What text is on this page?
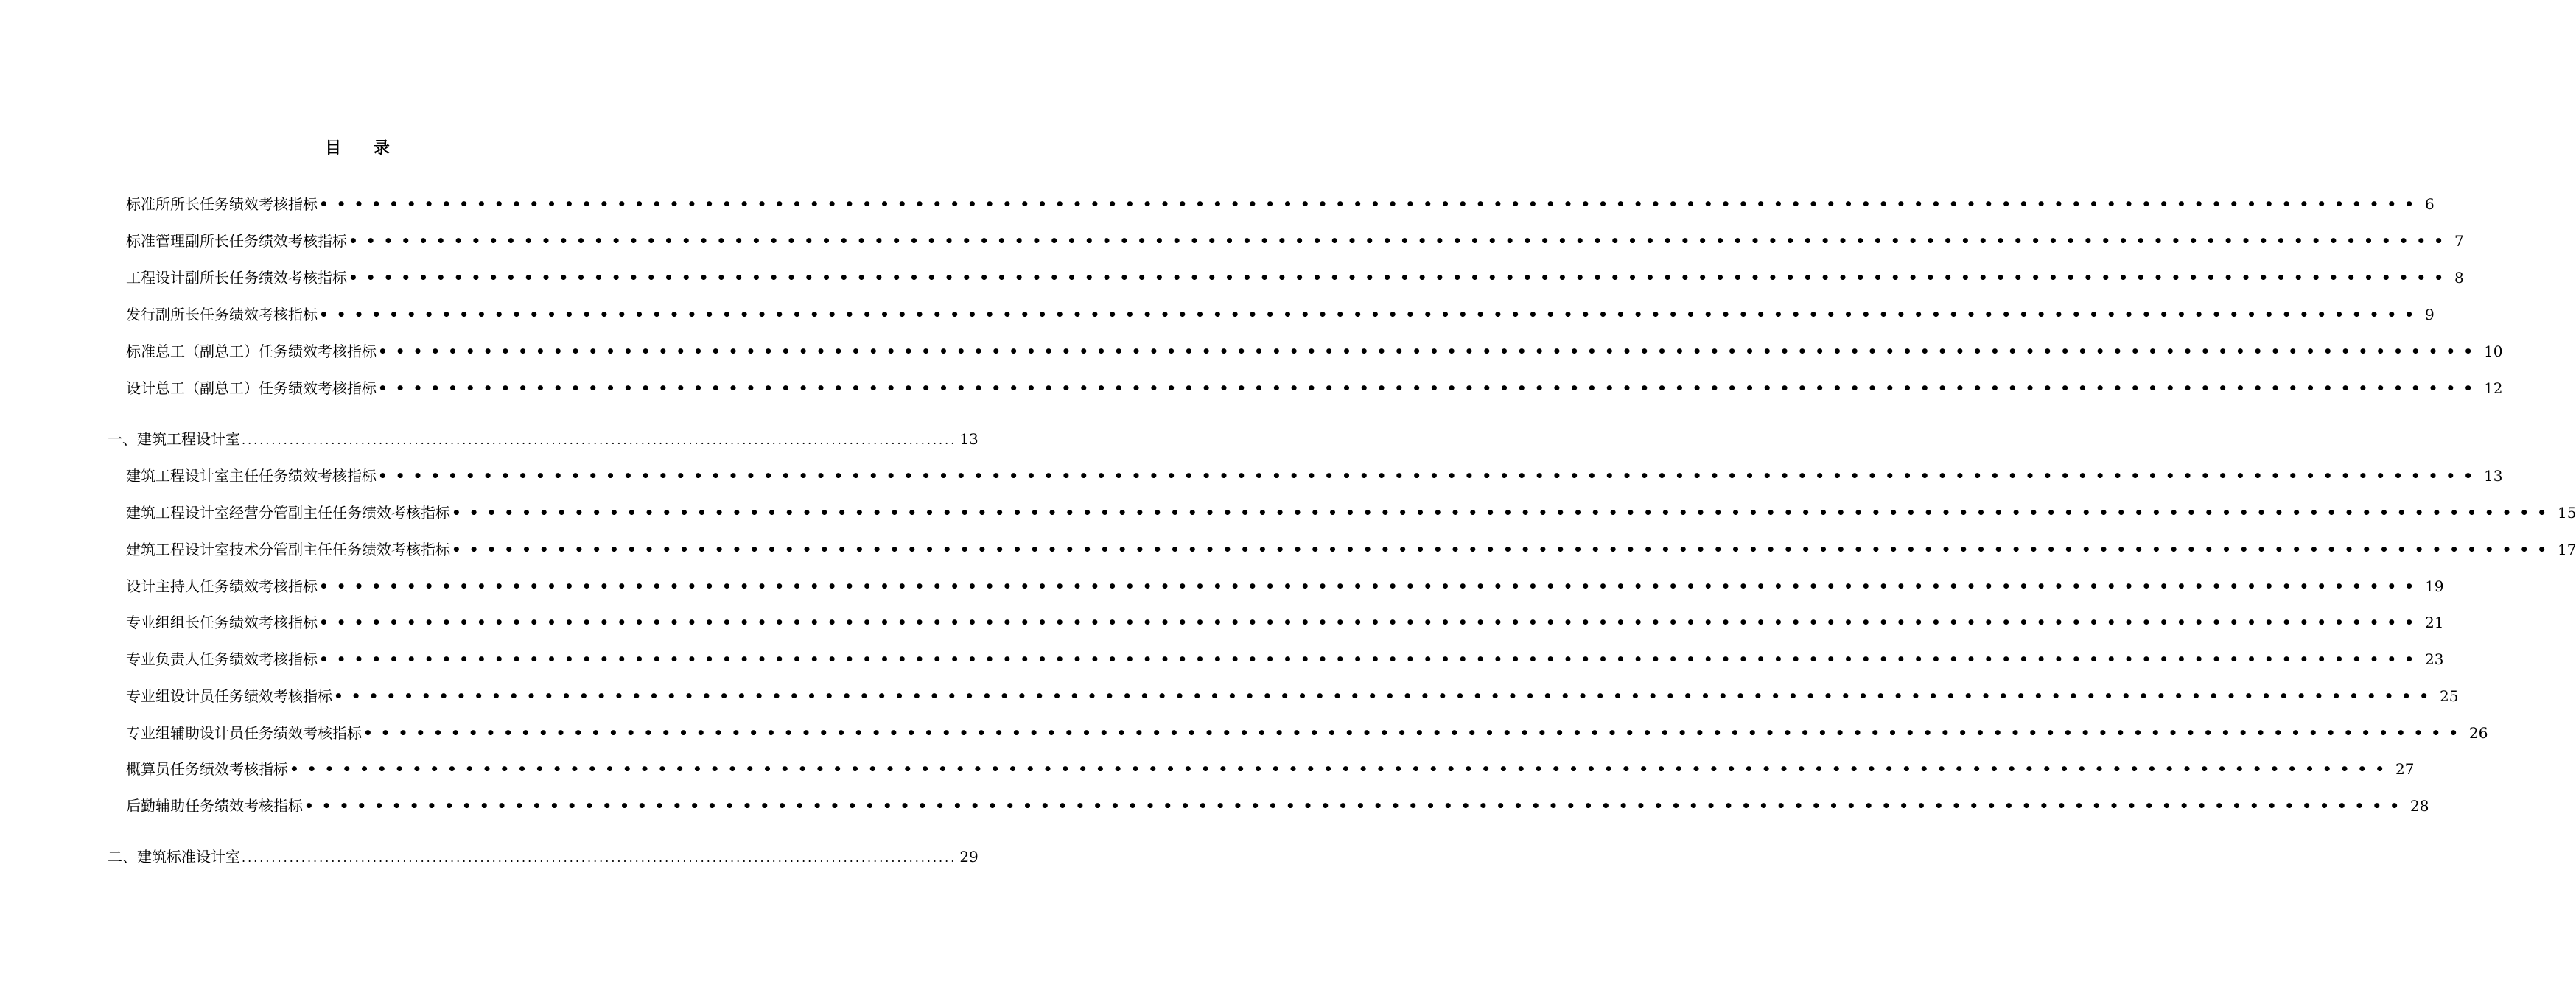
目 录
标准所所长任务绩效考核指标 •••••••••••••••••••••••••••••••••••••••••••••••••••••••••••••••••••••••••••••••••••••••••••••••••••••••••••••••••••••••• 6
标准管理副所长任务绩效考核指标 •••••••••••••••••••••••••••••••••••••••••••••••••••••••••••••••••••••••••••••••••••••••••••••••••••••••••••••••••••••••• 7
工程设计副所长任务绩效考核指标 •••••••••••••••••••••••••••••••••••••••••••••••••••••••••••••••••••••••••••••••••••••••••••••••••••••••••••••••••••••••• 8
发行副所长任务绩效考核指标 •••••••••••••••••••••••••••••••••••••••••••••••••••••••••••••••••••••••••••••••••••••••••••••••••••••••••••••••••••••••• 9
标准总工（副总工）任务绩效考核指标 •••••••••••••••••••••••••••••••••••••••••••••••••••••••••••••••••••••••••••••••••••••••••••••••••••••••••••••••••••••••• 10
设计总工（副总工）任务绩效考核指标 •••••••••••••••••••••••••••••••••••••••••••••••••••••••••••••••••••••••••••••••••••••••••••••••••••••••••••••••••••••••• 12
一、建筑工程设计室 ........................................................................................................................ 13
建筑工程设计室主任任务绩效考核指标 •••••••••••••••••••••••••••••••••••••••••••••••••••••••••••••••••••••••••••••••••••••••••••••••••••••••••••••••••••••••• 13
建筑工程设计室经营分管副主任任务绩效考核指标 •••••••••••••••••••••••••••••••••••••••••••••••••••••••••••••••••••••••••••••••••••••••••••••••••••••••••••••••••••••••• 15
建筑工程设计室技术分管副主任任务绩效考核指标 •••••••••••••••••••••••••••••••••••••••••••••••••••••••••••••••••••••••••••••••••••••••••••••••••••••••••••••••••••••••• 17
设计主持人任务绩效考核指标 •••••••••••••••••••••••••••••••••••••••••••••••••••••••••••••••••••••••••••••••••••••••••••••••••••••••••••••••••••••••• 19
专业组组长任务绩效考核指标 •••••••••••••••••••••••••••••••••••••••••••••••••••••••••••••••••••••••••••••••••••••••••••••••••••••••••••••••••••••••• 21
专业负责人任务绩效考核指标 •••••••••••••••••••••••••••••••••••••••••••••••••••••••••••••••••••••••••••••••••••••••••••••••••••••••••••••••••••••••• 23
专业组设计员任务绩效考核指标 •••••••••••••••••••••••••••••••••••••••••••••••••••••••••••••••••••••••••••••••••••••••••••••••••••••••••••••••••••••••• 25
专业组辅助设计员任务绩效考核指标 •••••••••••••••••••••••••••••••••••••••••••••••••••••••••••••••••••••••••••••••••••••••••••••••••••••••••••••••••••••••• 26
概算员任务绩效考核指标 •••••••••••••••••••••••••••••••••••••••••••••••••••••••••••••••••••••••••••••••••••••••••••••••••••••••••••••••••••••••• 27
后勤辅助任务绩效考核指标 •••••••••••••••••••••••••••••••••••••••••••••••••••••••••••••••••••••••••••••••••••••••••••••••••••••••••••••••••••••••• 28
二、建筑标准设计室 ........................................................................................................................ 29
